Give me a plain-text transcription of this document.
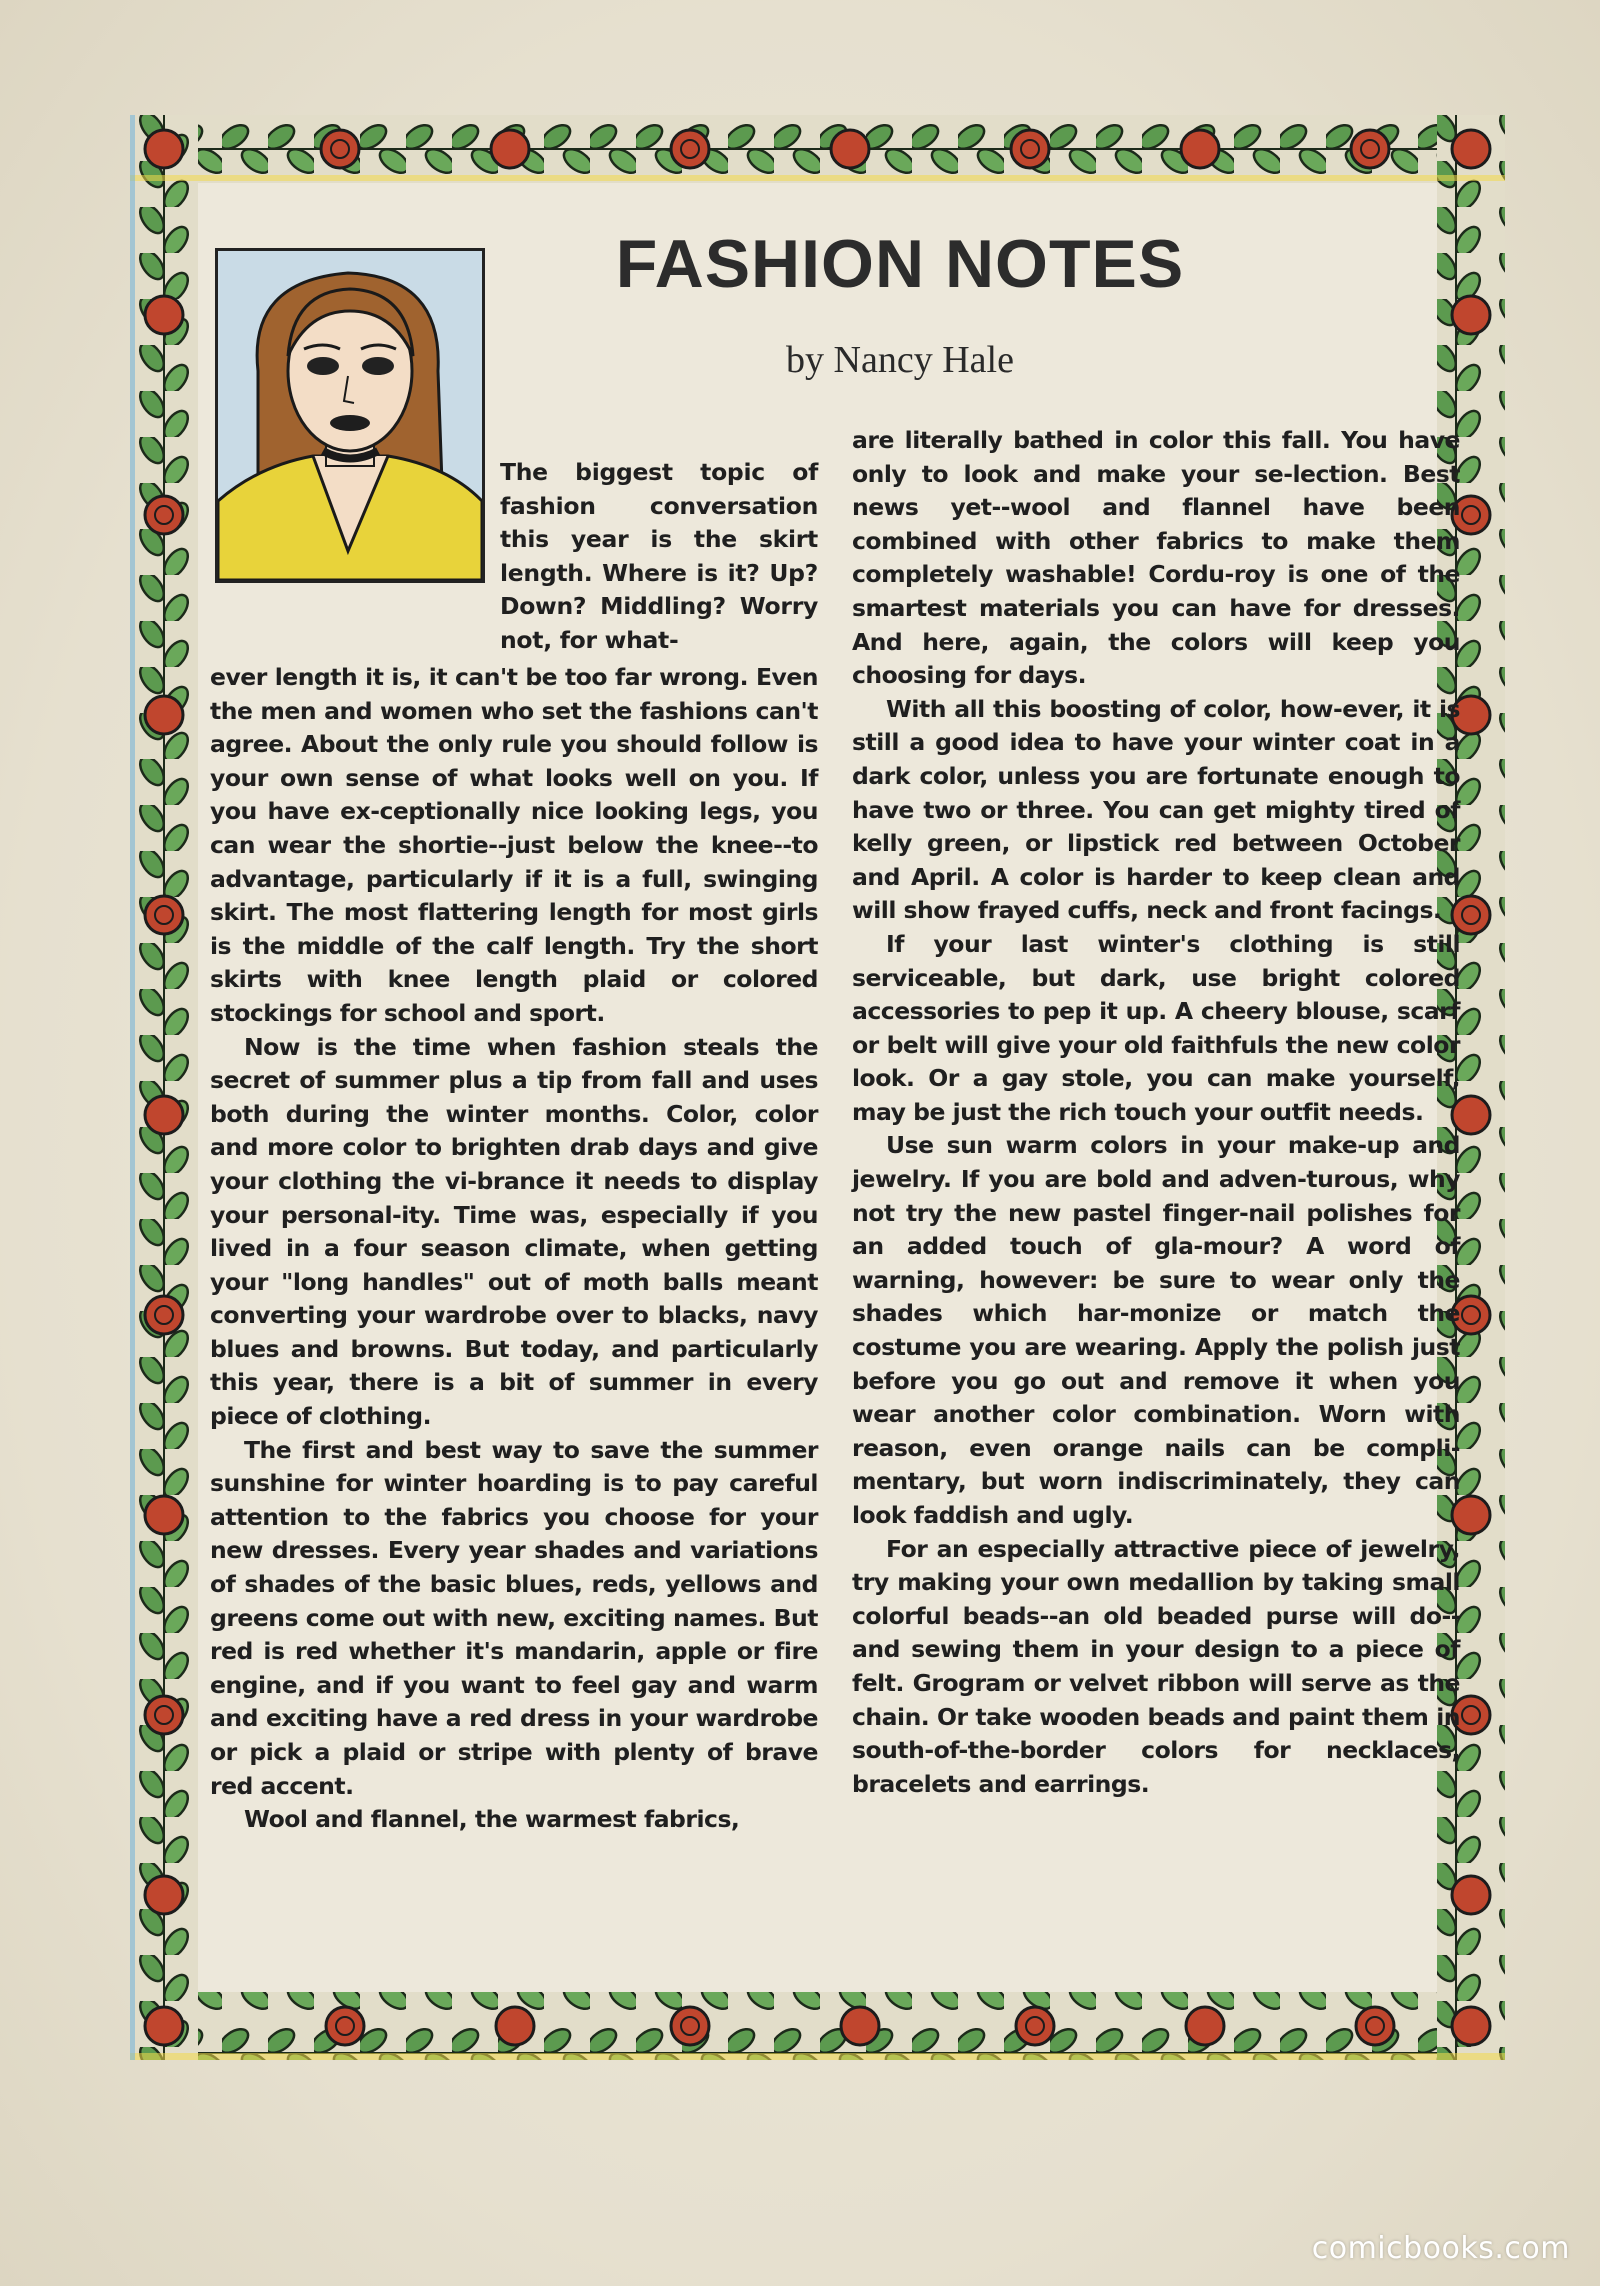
FASHION NOTES
by Nancy Hale

The biggest topic of fashion conversation this year is the skirt length. Where is it? Up? Down? Middling? Worry not, for what-

ever length it is, it can't be too far wrong. Even the men and women who set the fashions can't agree. About the only rule you should follow is your own sense of what looks well on you. If you have ex-ceptionally nice looking legs, you can wear the shortie--just below the knee--to advantage, particularly if it is a full, swinging skirt. The most flattering length for most girls is the middle of the calf length. Try the short skirts with knee length plaid or colored stockings for school and sport.

Now is the time when fashion steals the secret of summer plus a tip from fall and uses both during the winter months. Color, color and more color to brighten drab days and give your clothing the vi-brance it needs to display your personal-ity. Time was, especially if you lived in a four season climate, when getting your "long handles" out of moth balls meant converting your wardrobe over to blacks, navy blues and browns. But today, and particularly this year, there is a bit of summer in every piece of clothing.

The first and best way to save the summer sunshine for winter hoarding is to pay careful attention to the fabrics you choose for your new dresses. Every year shades and variations of shades of the basic blues, reds, yellows and greens come out with new, exciting names. But red is red whether it's mandarin, apple or fire engine, and if you want to feel gay and warm and exciting have a red dress in your wardrobe or pick a plaid or stripe with plenty of brave red accent.

Wool and flannel, the warmest fabrics,

are literally bathed in color this fall. You have only to look and make your se-lection. Best news yet--wool and flannel have been combined with other fabrics to make them completely washable! Cordu-roy is one of the smartest materials you can have for dresses. And here, again, the colors will keep you choosing for days.

With all this boosting of color, how-ever, it is still a good idea to have your winter coat in a dark color, unless you are fortunate enough to have two or three. You can get mighty tired of kelly green, or lipstick red between October and April. A color is harder to keep clean and will show frayed cuffs, neck and front facings.

If your last winter's clothing is still serviceable, but dark, use bright colored accessories to pep it up. A cheery blouse, scarf or belt will give your old faithfuls the new color look. Or a gay stole, you can make yourself, may be just the rich touch your outfit needs.

Use sun warm colors in your make-up and jewelry. If you are bold and adven-turous, why not try the new pastel finger-nail polishes for an added touch of gla-mour? A word of warning, however: be sure to wear only the shades which har-monize or match the costume you are wearing. Apply the polish just before you go out and remove it when you wear another color combination. Worn with reason, even orange nails can be compli-mentary, but worn indiscriminately, they can look faddish and ugly.

For an especially attractive piece of jewelry, try making your own medallion by taking small colorful beads--an old beaded purse will do--and sewing them in your design to a piece of felt. Grogram or velvet ribbon will serve as the chain. Or take wooden beads and paint them in south-of-the-border colors for necklaces, bracelets and earrings.

comicbooks.com
